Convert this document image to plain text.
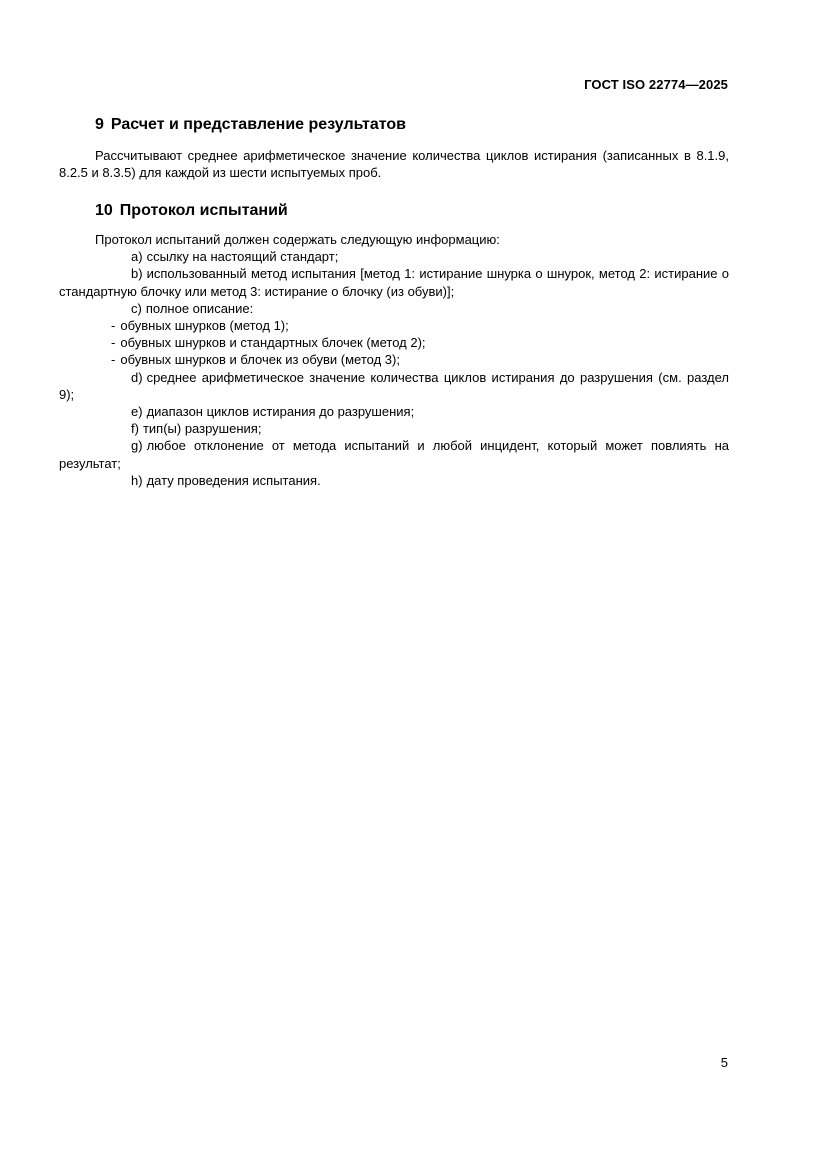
ГОСТ ISO 22774—2025
9 Расчет и представление результатов

Рассчитывают среднее арифметическое значение количества циклов истирания (записанных в 8.1.9, 8.2.5 и 8.3.5) для каждой из шести испытуемых проб.

10 Протокол испытаний

Протокол испытаний должен содержать следующую информацию:

a) ссылку на настоящий стандарт;

b) использованный метод испытания [метод 1: истирание шнурка о шнурок, метод 2: истирание о стандартную блочку или метод 3: истирание о блочку (из обуви)];

c) полное описание:

- обувных шнурков (метод 1);

- обувных шнурков и стандартных блочек (метод 2);

- обувных шнурков и блочек из обуви (метод 3);

d) среднее арифметическое значение количества циклов истирания до разрушения (см. раздел 9);

e) диапазон циклов истирания до разрушения;

f) тип(ы) разрушения;

g) любое отклонение от метода испытаний и любой инцидент, который может повлиять на результат;

h) дату проведения испытания.

5
